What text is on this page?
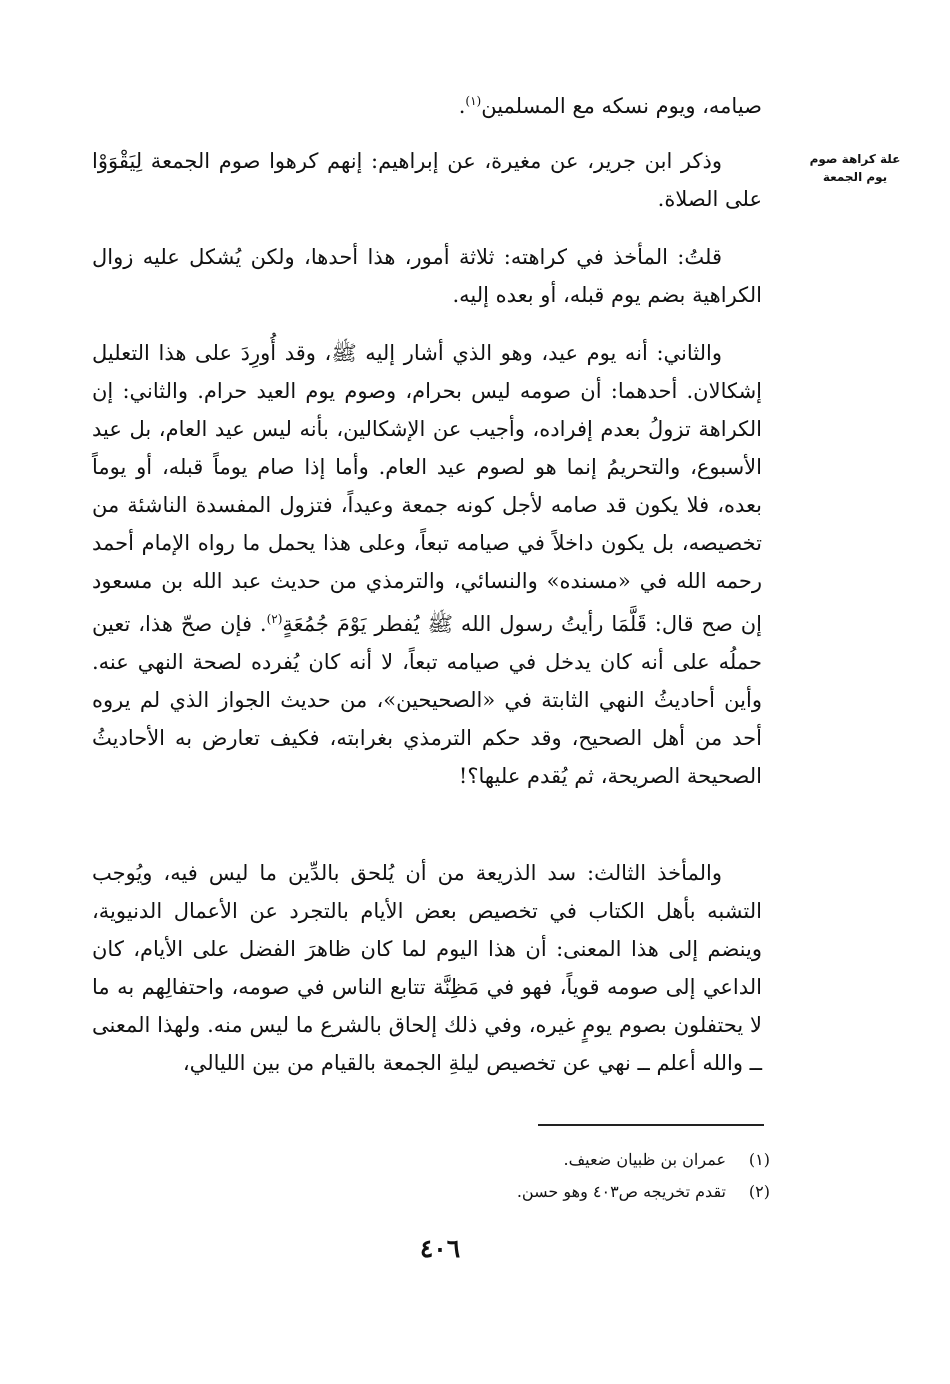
علة كراهة صوم يوم الجمعة

صيامه، ويوم نسكه مع المسلمين$^{(١)}$.

وذكر ابن جرير، عن مغيرة، عن إبراهيم: إنهم كرهوا صوم الجمعة لِيَقْوَوْا على الصلاة.

قلتُ: المأخذ في كراهته: ثلاثة أمور، هذا أحدها، ولكن يُشكل عليه زوال الكراهية بضم يوم قبله، أو بعده إليه.

والثاني: أنه يوم عيد، وهو الذي أشار إليه ﷺ، وقد أُورِدَ على هذا التعليل إشكالان. أحدهما: أن صومه ليس بحرام، وصوم يوم العيد حرام. والثاني: إن الكراهة تزولُ بعدم إفراده، وأجيب عن الإشكالين، بأنه ليس عيد العام، بل عيد الأسبوع، والتحريمُ إنما هو لصوم عيد العام. وأما إذا صام يوماً قبله، أو يوماً بعده، فلا يكون قد صامه لأجل كونه جمعة وعيداً، فتزول المفسدة الناشئة من تخصيصه، بل يكون داخلاً في صيامه تبعاً، وعلى هذا يحمل ما رواه الإمام أحمد رحمه الله في «مسنده» والنسائي، والترمذي من حديث عبد الله بن مسعود إن صح قال: قَلَّمَا رأيتُ رسول الله ﷺ يُفطر يَوْمَ جُمُعَةٍ$^{(٢)}$. فإن صحّ هذا، تعين حملُه على أنه كان يدخل في صيامه تبعاً، لا أنه كان يُفرده لصحة النهي عنه. وأين أحاديثُ النهي الثابتة في «الصحيحين»، من حديث الجواز الذي لم يروه أحد من أهل الصحيح، وقد حكم الترمذي بغرابته، فكيف تعارض به الأحاديثُ الصحيحة الصريحة، ثم يُقدم عليها؟!

والمأخذ الثالث: سد الذريعة من أن يُلحق بالدِّين ما ليس فيه، ويُوجب التشبه بأهل الكتاب في تخصيص بعض الأيام بالتجرد عن الأعمال الدنيوية، وينضم إلى هذا المعنى: أن هذا اليوم لما كان ظاهرَ الفضل على الأيام، كان الداعي إلى صومه قوياً، فهو في مَظِنَّة تتابع الناس في صومه، واحتفالِهم به ما لا يحتفلون بصوم يومٍ غيره، وفي ذلك إلحاق بالشرع ما ليس منه. ولهذا المعنى ــ والله أعلم ــ نهي عن تخصيص ليلةِ الجمعة بالقيام من بين الليالي،

(١)
عمران بن ظبيان ضعيف.
(٢)
تقدم تخريجه ص٤٠٣ وهو حسن.
٤٠٦
